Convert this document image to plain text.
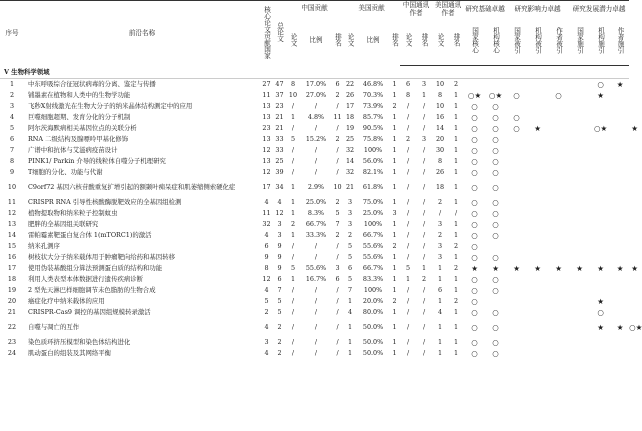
序号	前沿名称	核心论文贡献国家	总论文	中国贡献			美国贡献			中国通讯作者		美国通讯作者		研究基础卓越		研究影响力卓越			研究发展潜力卓越			
				论文	比例	排名	论文	比例	排名													
										论文	排名	论文	排名	国家核心	机构核心	国家被引	机构被引	作者被引	国家施引	机构施引	作者施引	
V 生物科学领域																						
1	中东呼吸综合征冠状病毒的分离、鉴定与传播	27	47	8	17.0%	6	22	46.8%	1	6	3	10	2							○	★	
2	铺墨素在植物和人类中的生物学功能	11	37	10	27.0%	2	26	70.3%	1	8	1	8	1	○★	○★	○		○		★		
3	飞秒X射线激光在生物大分子的纳米晶体结构测定中的应用	13	23	/	/	/	17	73.9%	2	/	/	10	1	○	○							
4	巨噬细胞超期、发育分化的分子机制	13	21	1	4.8%	11	18	85.7%	1	/	/	16	1	○	○	○						
5	阿尔茨海默病相关基因位点的关联分析	23	21	/	/	/	19	90.5%	1	/	/	14	1	○	○	○	★			○★		★
6	RNA 二级结构及腺嘌呤甲基化修饰	13	33	5	15.2%	2	25	75.8%	1	2	3	20	1	○	○							
7	广谱中和抗体与艾滋病疫苗设计	12	33	/	/	/	32	100%	1	/	/	30	1	○	○							
8	PINK1/ Parkin 介导的线粒体自噬分子机理研究	13	25	/	/	/	14	56.0%	1	/	/	8	1	○	○							
9	T细胞的分化、功能与代谢	12	39	/	/	/	32	82.1%	1	/	/	26	1	○	○							
10	C9orf72 基因六核苷酸重复扩增引起的额颞叶痴呆症和肌萎缩侧索硬化症	17	34	1	2.9%	10	21	61.8%	1	/	/	18	1	○	○							
11	CRISPR RNA 引导性核酸酶脱靶效应的全基因组检测	4	4	1	25.0%	2	3	75.0%	1	/	/	2	1	○	○							
12	植物提取物和纳米粒子控制蚊虫	11	12	1	8.3%	5	3	25.0%	3	/	/	/	/	○	○							
13	肥胖的全基因组关联研究	32	3	2	66.7%	7	3	100%	1	/	/	3	1	○	○							
14	雷帕霉素靶蛋白复合体 1(mTORC1)的激活	4	3	1	33.3%	2	2	66.7%	1	/	/	2	1	○	○							
15	纳米孔测序	6	9	/	/	/	5	55.6%	2	/	/	3	2	○								
16	树枝状大分子纳米载体用于肿瘤靶向给药和基因转移	9	9	/	/	/	5	55.6%	1	/	/	3	1	○	○							
17	使用伪装基酸组分算法预测蛋白质的结构和功能	8	9	5	55.6%	3	6	66.7%	1	5	1	1	2	★	★	★	★	★	★	★	★	★
18	利用人类表型本体数据进行遗传疾病诊断	12	6	1	16.7%	6	5	83.3%	1	1	2	1	1	○	○							
19	2 型先天淋巴样细胞调节未色脂肪的生物合成	4	7	/	/	/	7	100%	1	/	/	6	1	○	○							
20	癌症化疗中纳米载体的应用	5	5	/	/	/	1	20.0%	2	/	/	1	2	○						★		
21	CRISPR-Cas9 调控的基因组规模转录激活	2	5	/	/	/	4	80.0%	1	/	/	4	1	○	○					○		
22	自噬与凋亡的互作	4	2	/	/	/	1	50.0%	1	/	/	1	1	○	○					★	★	○★
23	染色质环挤压模型和染色体结构进化	3	2	/	/	/	1	50.0%	1	/	/	1	1	○	○							
24	肌动蛋白的组装及其网络平衡	4	2	/	/	/	1	50.0%	1	/	/	1	1	○	○							
